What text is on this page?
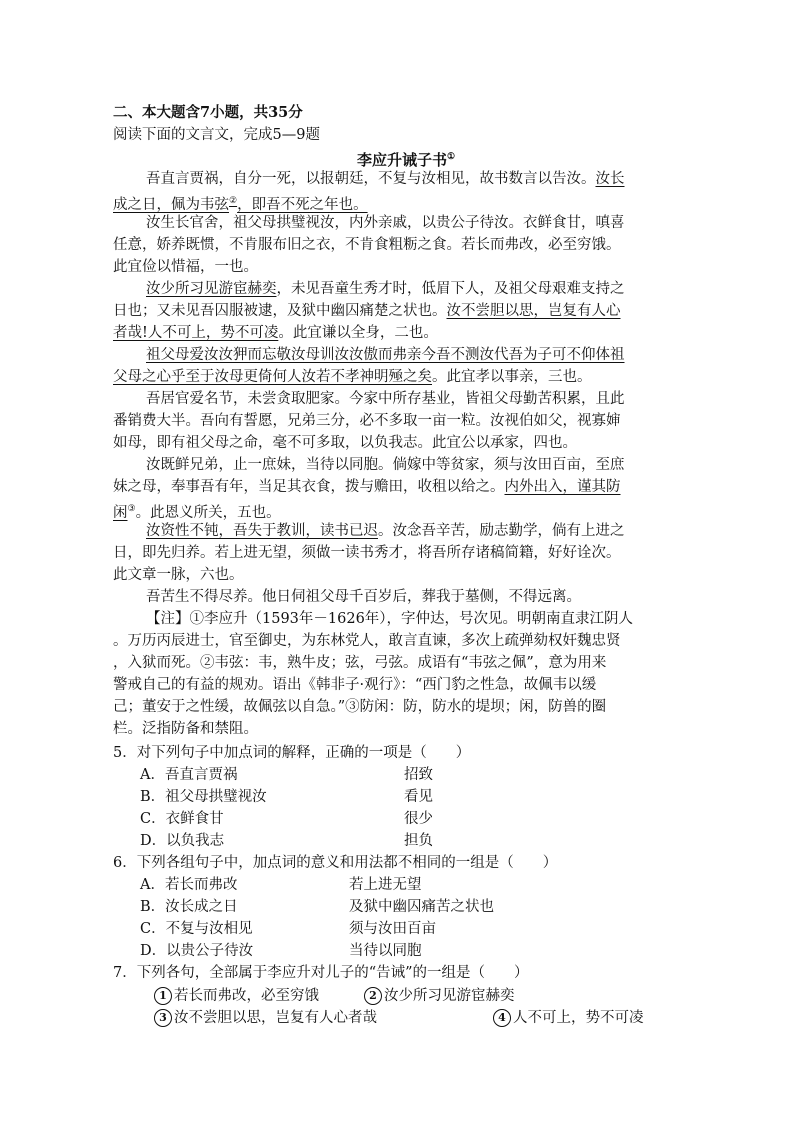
二、本大题含7小题，共35分
阅读下面的文言文，完成5—9题
李应升诫子书①
吾直言贾祸，自分一死，以报朝廷，不复与汝相见，故书数言以告汝。汝长
成之日，佩为韦弦②，即吾不死之年也。
汝生长官舍，祖父母拱璧视汝，内外亲戚，以贵公子待汝。衣鲜食甘，嗔喜
任意，娇养既惯，不肯服布旧之衣，不肯食粗粝之食。若长而弗改，必至穷饿。
此宜俭以惜福，一也。
汝少所习见游宦赫奕，未见吾童生秀才时，低眉下人，及祖父母艰难支持之
日也；又未见吾囚服被逮，及狱中幽囚痛楚之状也。汝不尝胆以思，岂复有人心
者哉!人不可上，势不可凌。此宜谦以全身，二也。
祖父母爱汝汝狎而忘敬汝母训汝汝傲而弗亲今吾不测汝代吾为子可不仰体祖
父母之心乎至于汝母更倚何人汝若不孝神明殛之矣。此宜孝以事亲，三也。
吾居官爱名节，未尝贪取肥家。今家中所存基业，皆祖父母勤苦积累，且此
番销费大半。吾向有誓愿，兄弟三分，必不多取一亩一粒。汝视伯如父，视寡婶
如母，即有祖父母之命，毫不可多取，以负我志。此宜公以承家，四也。
汝既鲜兄弟，止一庶妹，当待以同胞。倘嫁中等贫家，须与汝田百亩，至庶
妹之母，奉事吾有年，当足其衣食，拨与赡田，收租以给之。内外出入，谨其防
闲③。此恩义所关，五也。
汝资性不钝，吾失于教训，读书已迟。汝念吾辛苦，励志勤学，倘有上进之
日，即先归养。若上进无望，须做一读书秀才，将吾所存诸稿简籍，好好诠次。
此文章一脉，六也。
吾苦生不得尽养。他日伺祖父母千百岁后，葬我于墓侧，不得远离。
【注】①李应升（1593年－1626年），字仲达，号次见。明朝南直隶江阴人
。万历丙辰进士，官至御史，为东林党人，敢言直谏，多次上疏弹劾权奸魏忠贤
，入狱而死。②韦弦：韦，熟牛皮；弦，弓弦。成语有“韦弦之佩”，意为用来
警戒自己的有益的规劝。语出《韩非子·观行》：“西门豹之性急，故佩韦以缓
己；董安于之性缓，故佩弦以自急。”③防闲：防，防水的堤坝；闲，防兽的圈
栏。泛指防备和禁阻。
5．对下列句子中加点词的解释，正确的一项是（　　）
A．吾直言贾祸	招致
B．祖父母拱璧视汝	看见
C．衣鲜食甘	很少
D．以负我志	担负
6．下列各组句子中，加点词的意义和用法都不相同的一组是（　　）
A．若长而弗改	若上进无望
B．汝长成之日	及狱中幽囚痛苦之状也
C．不复与汝相见	须与汝田百亩
D．以贵公子待汝	当待以同胞
7．下列各句，全部属于李应升对儿子的“告诫”的一组是（　　）
1 若长而弗改，必至穷饿	2 汝少所习见游宦赫奕
3 汝不尝胆以思，岂复有人心者哉	4 人不可上，势不可凌
